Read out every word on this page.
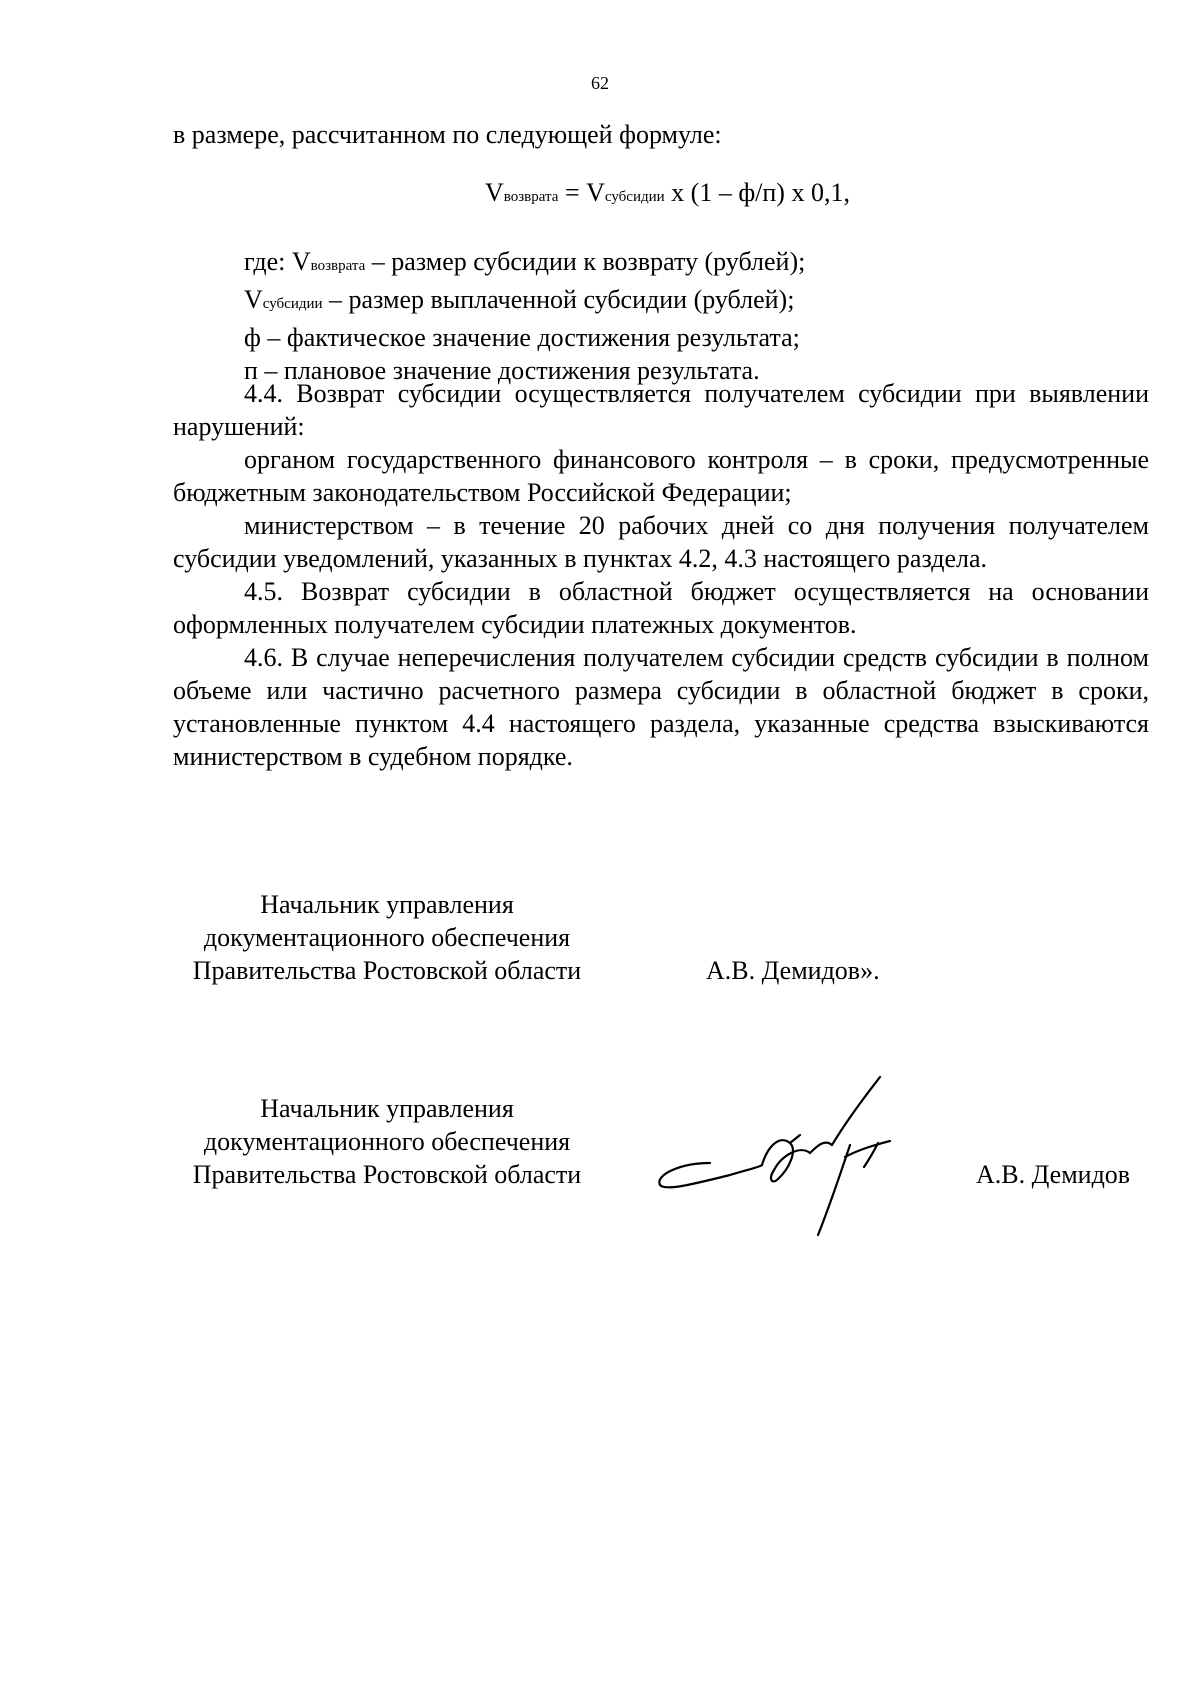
62
в размере, рассчитанном по следующей формуле:
Vвозврата = Vсубсидии х (1 – ф/п) х 0,1,
где: Vвозврата – размер субсидии к возврату (рублей);
Vсубсидии – размер выплаченной субсидии (рублей);
ф – фактическое значение достижения результата;
п – плановое значение достижения результата.

4.4. Возврат субсидии осуществляется получателем субсидии при выявлении нарушений:

органом государственного финансового контроля – в сроки, предусмотренные бюджетным законодательством Российской Федерации;

министерством – в течение 20 рабочих дней со дня получения получателем субсидии уведомлений, указанных в пунктах 4.2, 4.3 настоящего раздела.

4.5. Возврат субсидии в областной бюджет осуществляется на основании оформленных получателем субсидии платежных документов.

4.6. В случае неперечисления получателем субсидии средств субсидии в полном объеме или частично расчетного размера субсидии в областной бюджет в сроки, установленные пунктом 4.4 настоящего раздела, указанные средства взыскиваются министерством в судебном порядке.

Начальник управления
документационного обеспечения
Правительства Ростовской области	А.В. Демидов».
Начальник управления
документационного обеспечения
Правительства Ростовской области	А.В. Демидов
